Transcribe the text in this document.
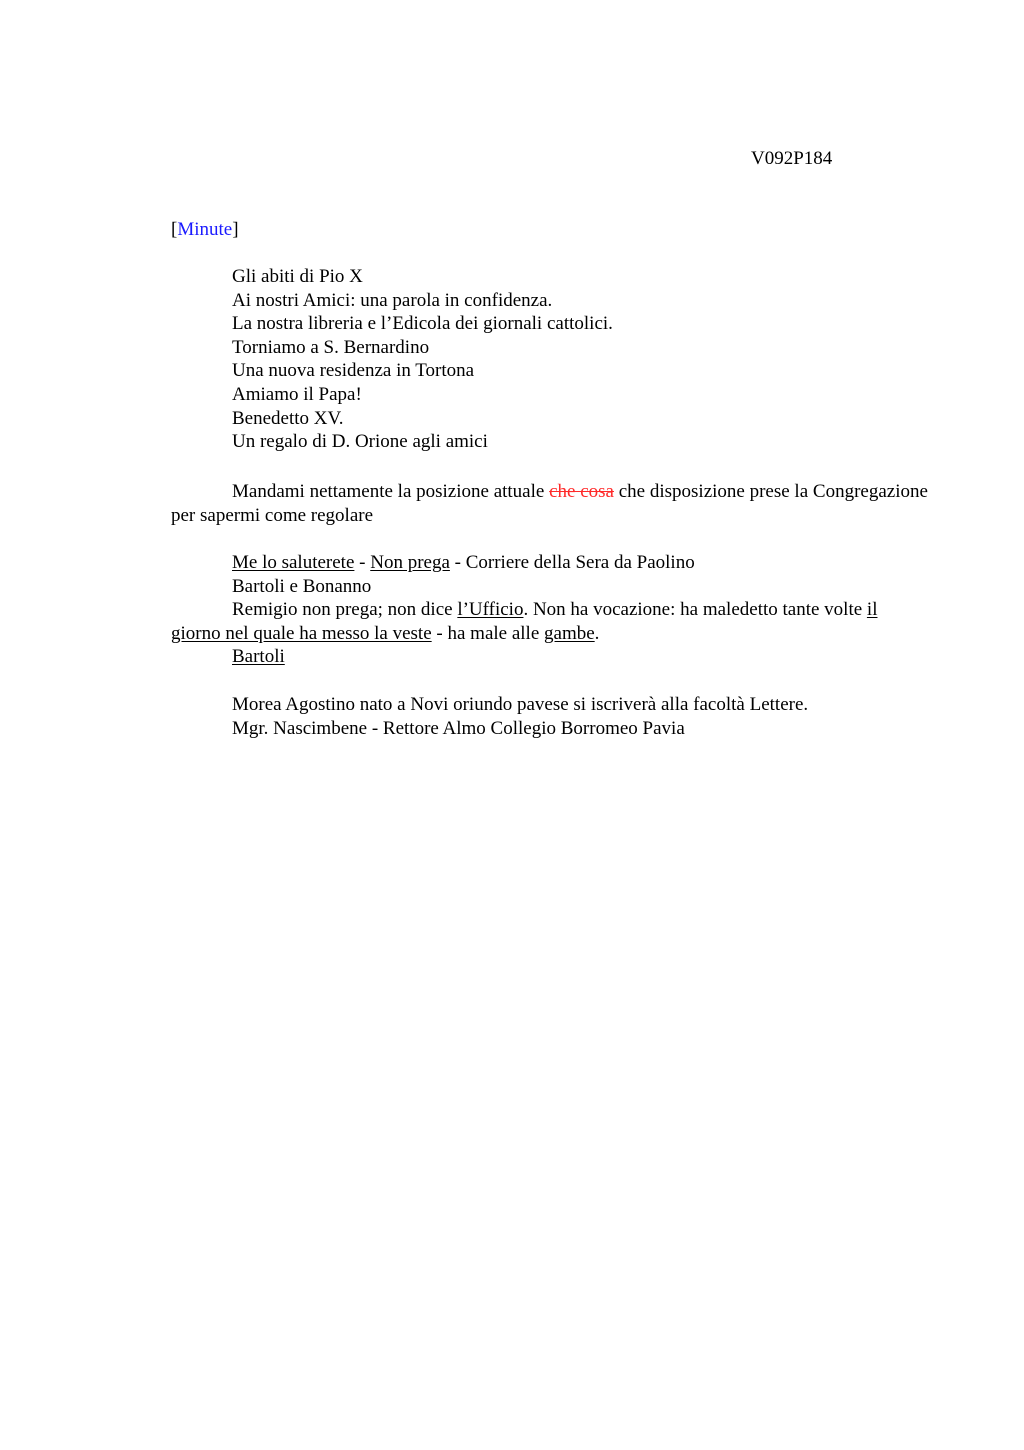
V092P184
[Minute]
Gli abiti di Pio X
Ai nostri Amici: una parola in confidenza.
La nostra libreria e l’Edicola dei giornali cattolici.
Torniamo a S. Bernardino
Una nuova residenza in Tortona
Amiamo il Papa!
Benedetto XV.
Un regalo di D. Orione agli amici

Mandami nettamente la posizione attuale che cosa che disposizione prese la Congregazione per sapermi come regolare

Me lo saluterete - Non prega - Corriere della Sera da Paolino
Bartoli e Bonanno

Remigio non prega; non dice l’Ufficio. Non ha vocazione: ha maledetto tante volte il giorno nel quale ha messo la veste - ha male alle gambe.

Bartoli
Morea Agostino nato a Novi oriundo pavese si iscriverà alla facoltà Lettere.
Mgr. Nascimbene - Rettore Almo Collegio Borromeo Pavia
